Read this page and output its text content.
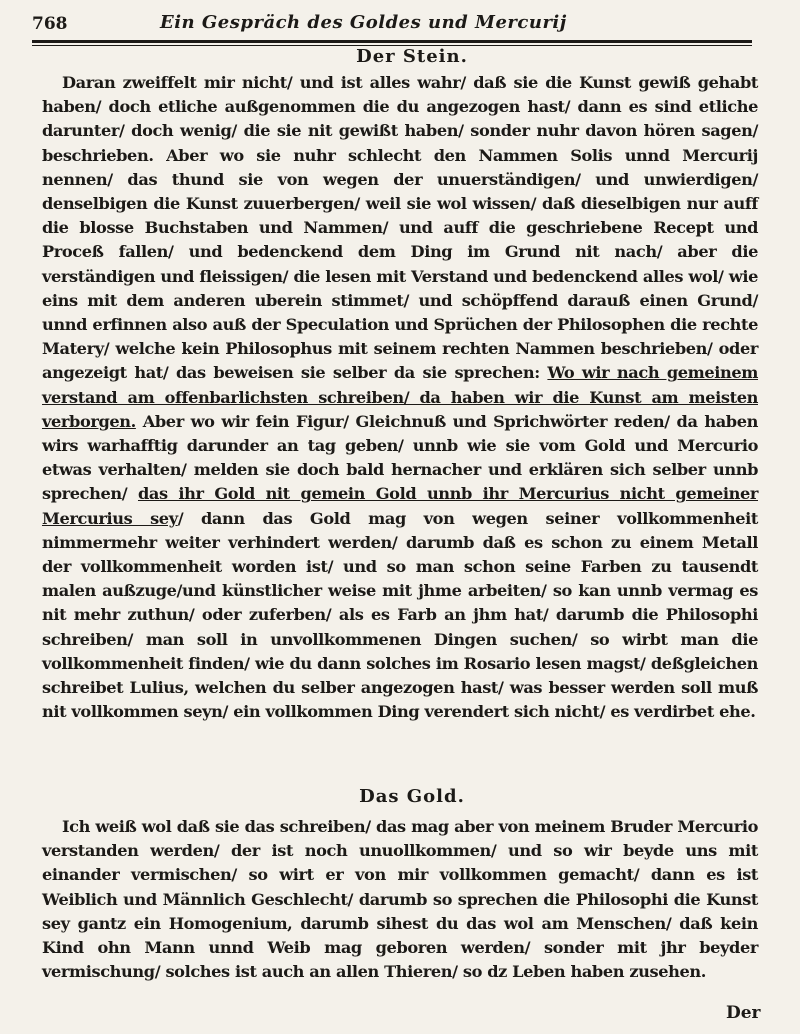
768	Ein Gespräch des Goldes und Mercurij
Der Stein.
Daran zweiffelt mir nicht/ und ist alles wahr/ daß sie die Kunst gewiß gehabt haben/ doch etliche außgenommen die du angezogen hast/ dann es sind etliche darunter/ doch wenig/ die sie nit gewißt haben/ sonder nuhr davon hören sagen/ beschrieben. Aber wo sie nuhr schlecht den Nammen Solis unnd Mercurij nennen/ das thund sie von wegen der unuerständigen/ und unwierdigen/ denselbigen die Kunst zuuerbergen/ weil sie wol wissen/ daß dieselbigen nur auff die blosse Buchstaben und Nammen/ und auff die geschriebene Recept und Proceß fallen/ und bedenckend dem Ding im Grund nit nach/ aber die verständigen und fleissigen/ die lesen mit Verstand und bedenckend alles wol/ wie eins mit dem anderen uberein stimmet/ und schöpffend darauß einen Grund/ unnd erfinnen also auß der Speculation und Sprüchen der Philosophen die rechte Matery/ welche kein Philosophus mit seinem rechten Nammen beschrieben/ oder angezeigt hat/ das beweisen sie selber da sie sprechen: Wo wir nach gemeinem verstand am offenbarlichsten schreiben/ da haben wir die Kunst am meisten verborgen. Aber wo wir fein Figur/ Gleichnuß und Sprichwörter reden/ da haben wirs warhafftig darunder an tag geben/ unnb wie sie vom Gold und Mercurio etwas verhalten/ melden sie doch bald hernacher und erklären sich selber unnb sprechen/ das ihr Gold nit gemein Gold unnb ihr Mercurius nicht gemeiner Mercurius sey/ dann das Gold mag von wegen seiner vollkommenheit nimmermehr weiter verhindert werden/ darumb daß es schon zu einem Metall der vollkommenheit worden ist/ und so man schon seine Farben zu tausendt malen außzuge/und künstlicher weise mit jhme arbeiten/ so kan unnb vermag es nit mehr zuthun/ oder zuferben/ als es Farb an jhm hat/ darumb die Philosophi schreiben/ man soll in unvollkommenen Dingen suchen/ so wirbt man die vollkommenheit finden/ wie du dann solches im Rosario lesen magst/ deßgleichen schreibet Lulius, welchen du selber angezogen hast/ was besser werden soll muß nit vollkommen seyn/ ein vollkommen Ding verendert sich nicht/ es verdirbet ehe.
Das Gold.
Ich weiß wol daß sie das schreiben/ das mag aber von meinem Bruder Mercurio verstanden werden/ der ist noch unuollkommen/ und so wir beyde uns mit einander vermischen/ so wirt er von mir vollkommen gemacht/ dann es ist Weiblich und Männlich Geschlecht/ darumb so sprechen die Philosophi die Kunst sey gantz ein Homogenium, darumb sihest du das wol am Menschen/ daß kein Kind ohn Mann unnd Weib mag geboren werden/ sonder mit jhr beyder vermischung/ solches ist auch an allen Thieren/ so dz Leben haben zusehen.
Der
